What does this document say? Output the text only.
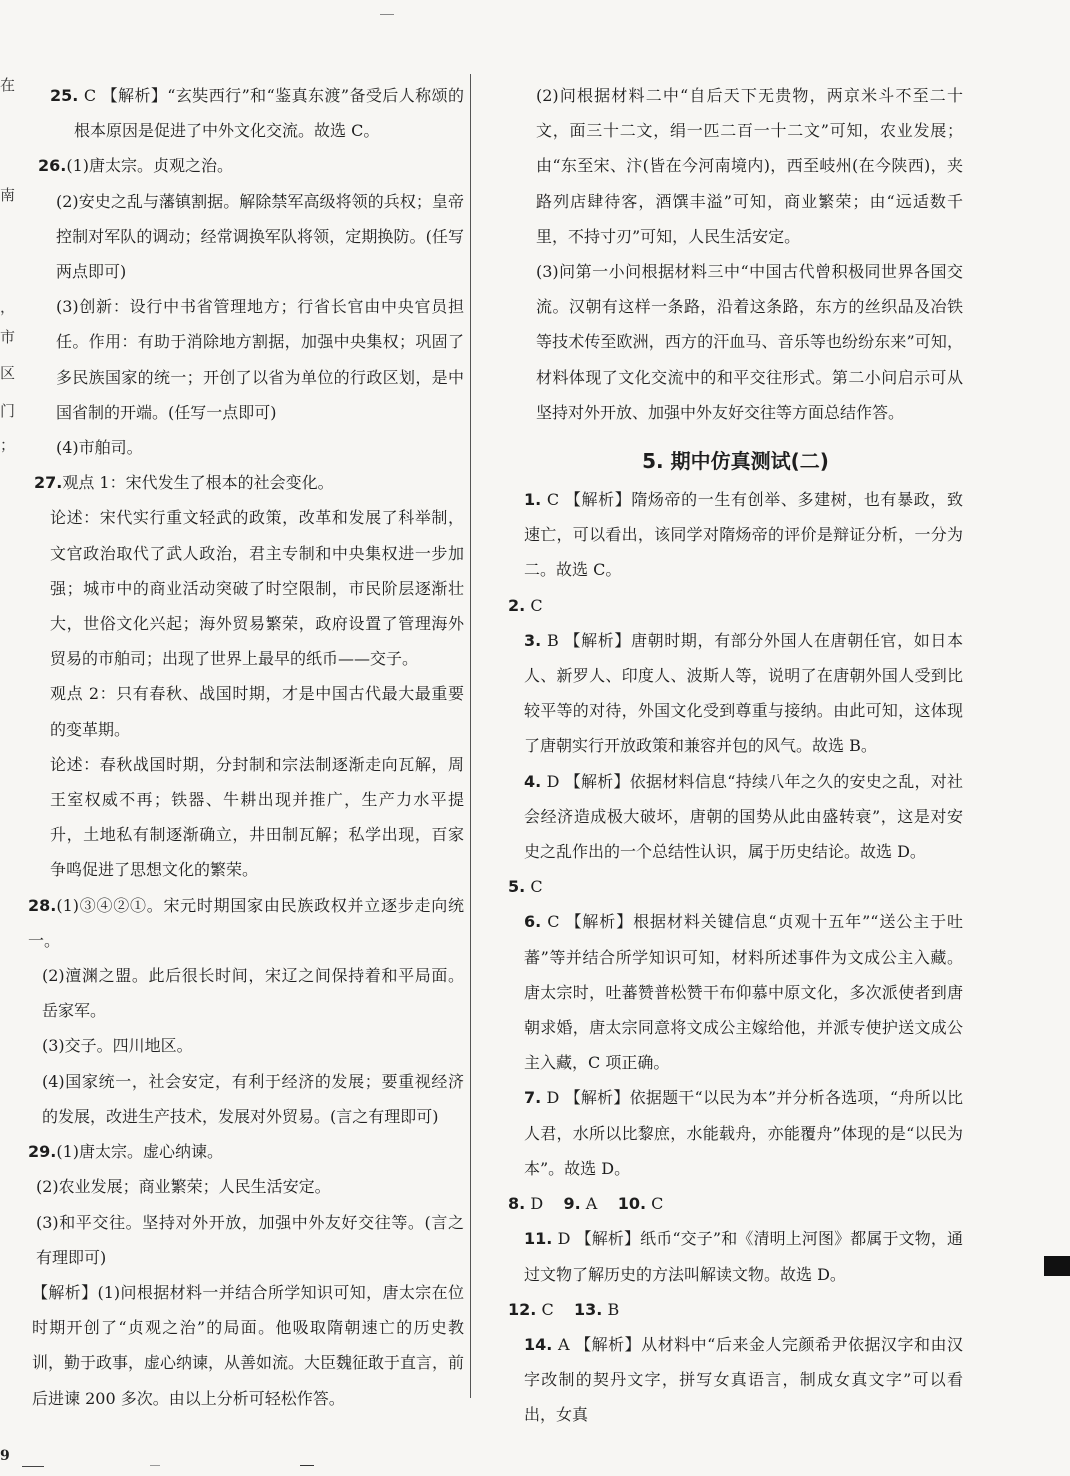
在
南
，
市
区
门
；

25. C 【解析】“玄奘西行”和“鉴真东渡”备受后人称颂的根本原因是促进了中外文化交流。故选 C。

26.(1)唐太宗。贞观之治。

(2)安史之乱与藩镇割据。解除禁军高级将领的兵权；皇帝控制对军队的调动；经常调换军队将领，定期换防。(任写两点即可)

(3)创新：设行中书省管理地方；行省长官由中央官员担任。作用：有助于消除地方割据，加强中央集权；巩固了多民族国家的统一；开创了以省为单位的行政区划，是中国省制的开端。(任写一点即可)

(4)市舶司。

27.观点 1：宋代发生了根本的社会变化。

论述：宋代实行重文轻武的政策，改革和发展了科举制，文官政治取代了武人政治，君主专制和中央集权进一步加强；城市中的商业活动突破了时空限制，市民阶层逐渐壮大，世俗文化兴起；海外贸易繁荣，政府设置了管理海外贸易的市舶司；出现了世界上最早的纸币——交子。

观点 2：只有春秋、战国时期，才是中国古代最大最重要的变革期。

论述：春秋战国时期，分封制和宗法制逐渐走向瓦解，周王室权威不再；铁器、牛耕出现并推广，生产力水平提升，土地私有制逐渐确立，井田制瓦解；私学出现，百家争鸣促进了思想文化的繁荣。

28.(1)③④②①。宋元时期国家由民族政权并立逐步走向统一。

(2)澶渊之盟。此后很长时间，宋辽之间保持着和平局面。岳家军。

(3)交子。四川地区。

(4)国家统一，社会安定，有利于经济的发展；要重视经济的发展，改进生产技术，发展对外贸易。(言之有理即可)

29.(1)唐太宗。虚心纳谏。

(2)农业发展；商业繁荣；人民生活安定。

(3)和平交往。坚持对外开放，加强中外友好交往等。(言之有理即可)

【解析】(1)问根据材料一并结合所学知识可知，唐太宗在位时期开创了“贞观之治”的局面。他吸取隋朝速亡的历史教训，勤于政事，虚心纳谏，从善如流。大臣魏征敢于直言，前后进谏 200 多次。由以上分析可轻松作答。

(2)问根据材料二中“自后天下无贵物，两京米斗不至二十文，面三十二文，绢一匹二百一十二文”可知，农业发展；由“东至宋、汴(皆在今河南境内)，西至岐州(在今陕西)，夹路列店肆待客，酒馔丰溢”可知，商业繁荣；由“远适数千里，不持寸刃”可知，人民生活安定。

(3)问第一小问根据材料三中“中国古代曾积极同世界各国交流。汉朝有这样一条路，沿着这条路，东方的丝织品及冶铁等技术传至欧洲，西方的汗血马、音乐等也纷纷东来”可知，材料体现了文化交流中的和平交往形式。第二小问启示可从坚持对外开放、加强中外友好交往等方面总结作答。

5. 期中仿真测试(二)

1. C 【解析】隋炀帝的一生有创举、多建树，也有暴政，致速亡，可以看出，该同学对隋炀帝的评价是辩证分析，一分为二。故选 C。

2. C

3. B 【解析】唐朝时期，有部分外国人在唐朝任官，如日本人、新罗人、印度人、波斯人等，说明了在唐朝外国人受到比较平等的对待，外国文化受到尊重与接纳。由此可知，这体现了唐朝实行开放政策和兼容并包的风气。故选 B。

4. D 【解析】依据材料信息“持续八年之久的安史之乱，对社会经济造成极大破坏，唐朝的国势从此由盛转衰”，这是对安史之乱作出的一个总结性认识，属于历史结论。故选 D。

5. C

6. C 【解析】根据材料关键信息“贞观十五年”“送公主于吐蕃”等并结合所学知识可知，材料所述事件为文成公主入藏。唐太宗时，吐蕃赞普松赞干布仰慕中原文化，多次派使者到唐朝求婚，唐太宗同意将文成公主嫁给他，并派专使护送文成公主入藏，C 项正确。

7. D 【解析】依据题干“以民为本”并分析各选项，“舟所以比人君，水所以比黎庶，水能载舟，亦能覆舟”体现的是“以民为本”。故选 D。

8. D 9. A 10. C

11. D 【解析】纸币“交子”和《清明上河图》都属于文物，通过文物了解历史的方法叫解读文物。故选 D。

12. C 13. B

14. A 【解析】从材料中“后来金人完颜希尹依据汉字和由汉字改制的契丹文字，拼写女真语言，制成女真文字”可以看出，女真

9
